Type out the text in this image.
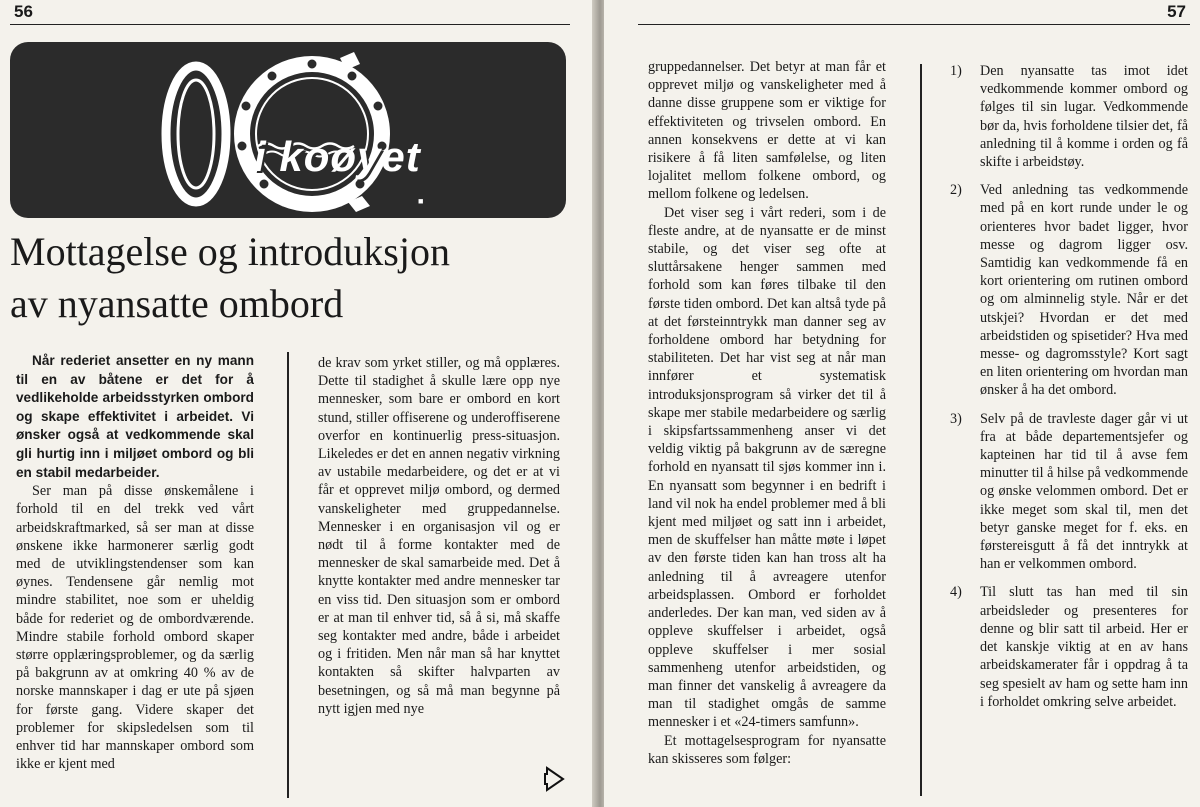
56
■
i koøyet
Mottagelse og introduksjon
av nyansatte ombord

Når rederiet ansetter en ny mann til en av båtene er det for å vedlikeholde arbeidsstyrken ombord og skape effektivitet i arbeidet. Vi ønsker også at vedkommende skal gli hurtig inn i miljøet ombord og bli en stabil medarbeider.

Ser man på disse ønskemålene i forhold til en del trekk ved vårt arbeidskraftmarked, så ser man at disse ønskene ikke harmonerer særlig godt med de utviklingstendenser som kan øynes. Tendensene går nemlig mot mindre stabilitet, noe som er uheldig både for rederiet og de ombordværende. Mindre stabile forhold ombord skaper større opplæringsproblemer, og da særlig på bakgrunn av at omkring 40 % av de norske mannskaper i dag er ute på sjøen for første gang. Videre skaper det problemer for skipsledelsen som til enhver tid har mannskaper ombord som ikke er kjent med

de krav som yrket stiller, og må opplæres. Dette til stadighet å skulle lære opp nye mennesker, som bare er ombord en kort stund, stiller offiserene og underoffiserene overfor en kontinuerlig press-situasjon. Likeledes er det en annen negativ virkning av ustabile medarbeidere, og det er at vi får et opprevet miljø ombord, og dermed vanskeligheter med gruppedannelse. Mennesker i en organisasjon vil og er nødt til å forme kontakter med de mennesker de skal samarbeide med. Det å knytte kontakter med andre mennesker tar en viss tid. Den situasjon som er ombord er at man til enhver tid, så å si, må skaffe seg kontakter med andre, både i arbeidet og i fritiden. Men når man så har knyttet kontakten så skifter halvparten av besetningen, og så må man begynne på nytt igjen med nye

57

gruppedannelser. Det betyr at man får et opprevet miljø og vanskeligheter med å danne disse gruppene som er viktige for effektiviteten og trivselen ombord. En annen konsekvens er dette at vi kan risikere å få liten samfølelse, og liten lojalitet mellom folkene ombord, og mellom folkene og ledelsen.

Det viser seg i vårt rederi, som i de fleste andre, at de nyansatte er de minst stabile, og det viser seg ofte at sluttårsakene henger sammen med forhold som kan føres tilbake til den første tiden ombord. Det kan altså tyde på at det førsteinntrykk man danner seg av forholdene ombord har betydning for stabiliteten. Det har vist seg at når man innfører et systematisk introduksjonsprogram så virker det til å skape mer stabile medarbeidere og særlig i skipsfartssammenheng anser vi det veldig viktig på bakgrunn av de særegne forhold en nyansatt til sjøs kommer inn i. En nyansatt som begynner i en bedrift i land vil nok ha endel problemer med å bli kjent med miljøet og satt inn i arbeidet, men de skuffelser han måtte møte i løpet av den første tiden kan han tross alt ha anledning til å avreagere utenfor arbeidsplassen. Ombord er forholdet anderledes. Der kan man, ved siden av å oppleve skuffelser i arbeidet, også oppleve skuffelser i mer sosial sammenheng utenfor arbeidstiden, og man finner det vanskelig å avreagere da man til stadighet omgås de samme mennesker i et «24-timers samfunn».

Et mottagelsesprogram for nyansatte kan skisseres som følger:

1) Den nyansatte tas imot idet vedkommende kommer ombord og følges til sin lugar. Vedkommende bør da, hvis forholdene tilsier det, få anledning til å komme i orden og få skifte i arbeidstøy.
2) Ved anledning tas vedkommende med på en kort runde under le og orienteres hvor badet ligger, hvor messe og dagrom ligger osv. Samtidig kan vedkommende få en kort orientering om rutinen ombord og om alminnelig style. Når er det utskjei? Hvordan er det med arbeidstiden og spisetider? Hva med messe- og dagromsstyle? Kort sagt en liten orientering om hvordan man ønsker å ha det ombord.
3) Selv på de travleste dager går vi ut fra at både departementsjefer og kapteinen har tid til å avse fem minutter til å hilse på vedkommende og ønske velommen ombord. Det er ikke meget som skal til, men det betyr ganske meget for f. eks. en førstereisgutt å få det inntrykk at han er velkommen ombord.
4) Til slutt tas han med til sin arbeidsleder og presenteres for denne og blir satt til arbeid. Her er det kanskje viktig at en av hans arbeidskamerater får i oppdrag å ta seg spesielt av ham og sette ham inn i forholdet omkring selve arbeidet.
